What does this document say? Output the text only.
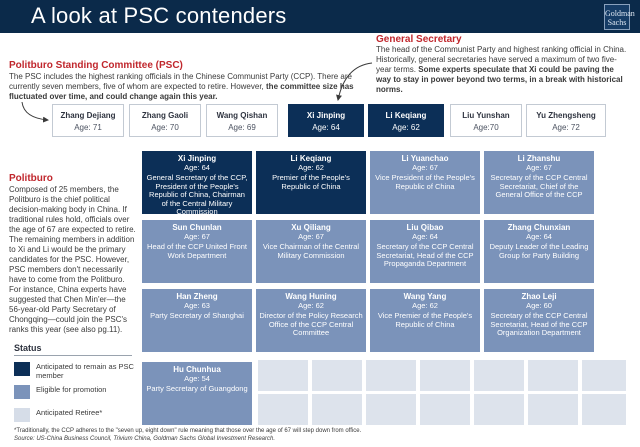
A look at PSC contenders	Goldman Sachs
Politburo Standing Committee (PSC)
The PSC includes the highest ranking officials in the Chinese Communist Party (CCP). There are currently seven members, five of whom are expected to retire. However, the committee size has fluctuated over time, and could change again this year.
General Secretary
The head of the Communist Party and highest ranking official in China. Historically, general secretaries have served a maximum of two five-year terms. Some experts speculate that Xi could be paving the way to stay in power beyond two terms, in a break with historical norms.
Zhang Dejiang
Age: 71
Zhang Gaoli
Age: 70
Wang Qishan
Age: 69
Xi Jinping
Age: 64
Li Keqiang
Age: 62
Liu Yunshan
Age:70
Yu Zhengsheng
Age: 72
Politburo
Composed of 25 members, the Politburo is the chief political decision-making body in China. If traditional rules hold, officials over the age of 67 are expected to retire. The remaining members in addition to Xi and Li would be the primary candidates for the PSC. However, PSC members don't necessarily have to come from the Politburo. For instance, China experts have suggested that Chen Min'er—the 56-year-old Party Secretary of Chongqing—could join the PSC's ranks this year (see also pg.11).
Xi Jinping
Age: 64
General Secretary of the CCP, President of the People's Republic of China, Chairman of the Central Military Commission
Li Keqiang
Age: 62
Premier of the People's Republic of China
Li Yuanchao
Age: 67
Vice President of the People's Republic of China
Li Zhanshu
Age: 67
Secretary of the CCP Central Secretariat, Chief of the General Office of the CCP
Sun Chunlan
Age: 67
Head of the CCP United Front Work Department
Xu Qiliang
Age: 67
Vice Chairman of the Central Military Commission
Liu Qibao
Age: 64
Secretary of the CCP Central Secretariat, Head of the CCP Propaganda Department
Zhang Chunxian
Age: 64
Deputy Leader of the Leading Group for Party Building
Han Zheng
Age: 63
Party Secretary of Shanghai
Wang Huning
Age: 62
Director of the Policy Research Office of the CCP Central Committee
Wang Yang
Age: 62
Vice Premier of the People's Republic of China
Zhao Leji
Age: 60
Secretary of the CCP Central Secretariat, Head of the CCP Organization Department
Hu Chunhua
Age: 54
Party Secretary of Guangdong
Status
Anticipated to remain as PSC member
Eligible for promotion
Anticipated Retiree*
*Traditionally, the CCP adheres to the "seven up, eight down" rule meaning that those over the age of 67 will step down from office.
Source: US-China Business Council, Trivium China, Goldman Sachs Global Investment Research.
